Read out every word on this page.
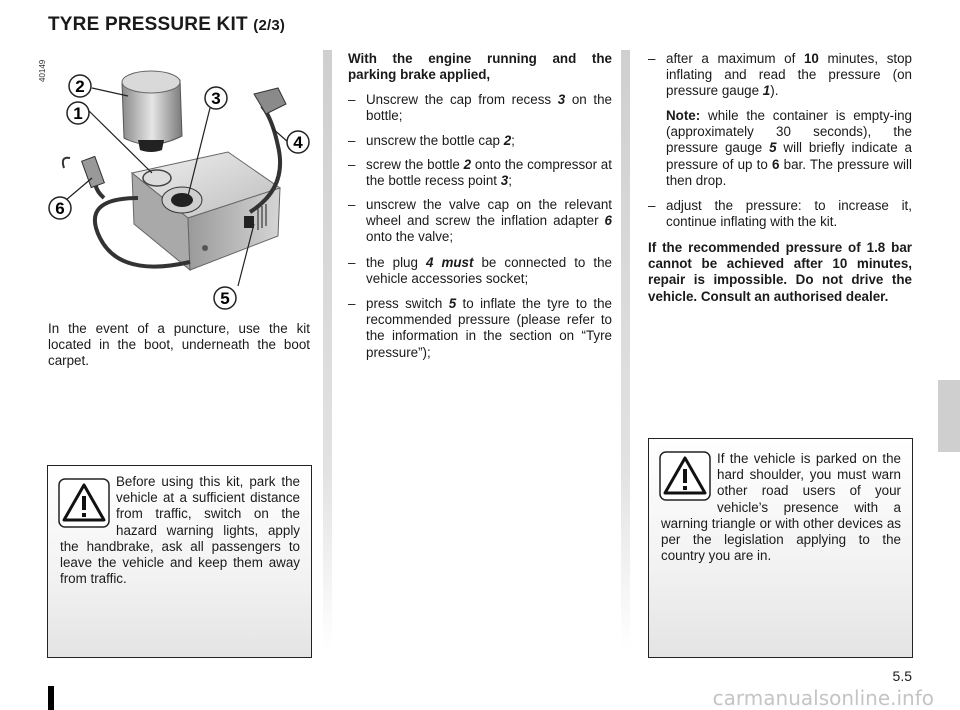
TYRE PRESSURE KIT (2/3)
2
1
3
4
5
6
40149
In the event of a puncture, use the kit located in the boot, underneath the boot carpet.
Before using this kit, park the vehicle at a sufficient distance from traffic, switch on the hazard warning lights, apply the handbrake, ask all passengers to leave the vehicle and keep them away from traffic.
With the engine running and the
parking brake applied,
– Unscrew the cap from recess 3 on the bottle;
– unscrew the bottle cap 2;
– screw the bottle 2 onto the compressor at the bottle recess point 3;
– unscrew the valve cap on the relevant wheel and screw the inflation adapter 6 onto the valve;
– the plug 4 must be connected to the vehicle accessories socket;
– press switch 5 to inflate the tyre to the recommended pressure (please refer to the information in the section on “Tyre pressure”);
– after a maximum of 10 minutes, stop inflating and read the pressure (on pressure gauge 1).
Note: while the container is empty-ing (approximately 30 seconds), the pressure gauge 5 will briefly indicate a pressure of up to 6 bar. The pressure will then drop.
– adjust the pressure: to increase it, continue inflating with the kit.
If the recommended pressure of 1.8 bar cannot be achieved after 10 minutes, repair is impossible. Do not drive the vehicle. Consult an authorised dealer.
If the vehicle is parked on the hard shoulder, you must warn other road users of your vehicle’s presence with a warning triangle or with other devices as per the legislation applying to the country you are in.
5.5
carmanualsonline.info
